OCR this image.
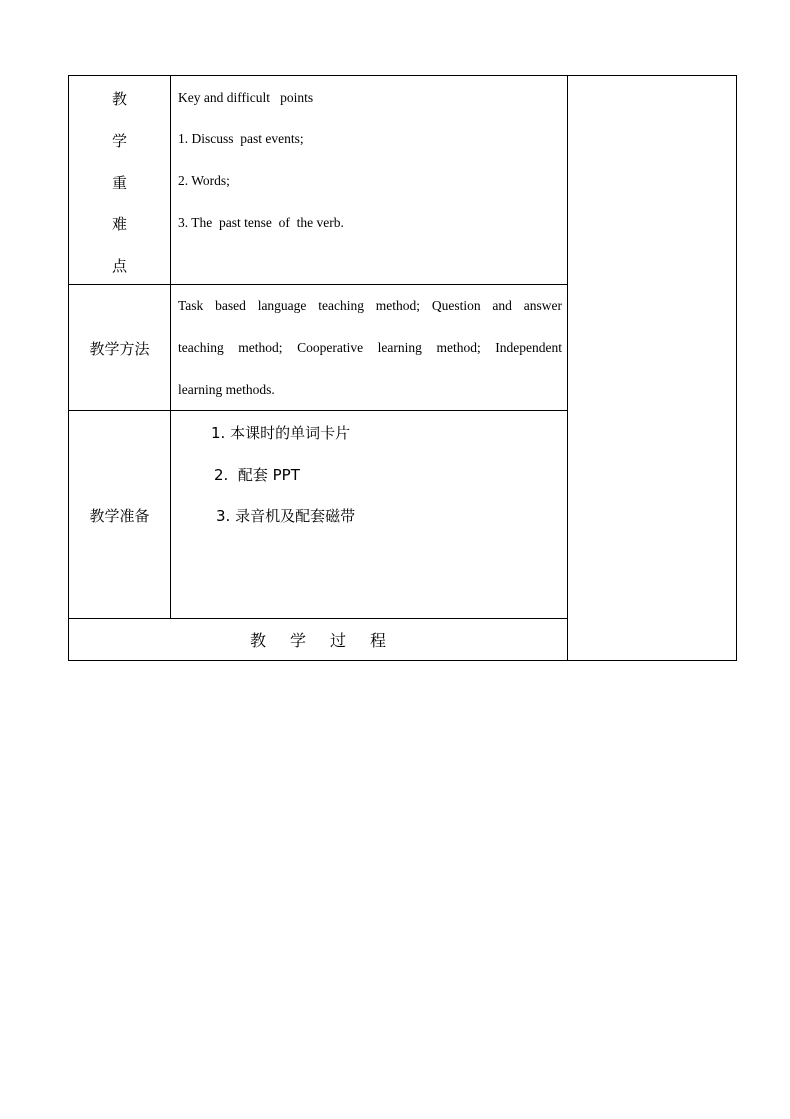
教
学
重
难
点
Key and difficult   points
1. Discuss  past events;
2. Words;
3. The  past tense  of  the verb.
教学方法
Task based language teaching method; Question and answer
teaching method; Cooperative learning method; Independent
learning methods.
教学准备
1. 本课时的单词卡片
2.  配套 PPT
3. 录音机及配套磁带
教 学 过 程
